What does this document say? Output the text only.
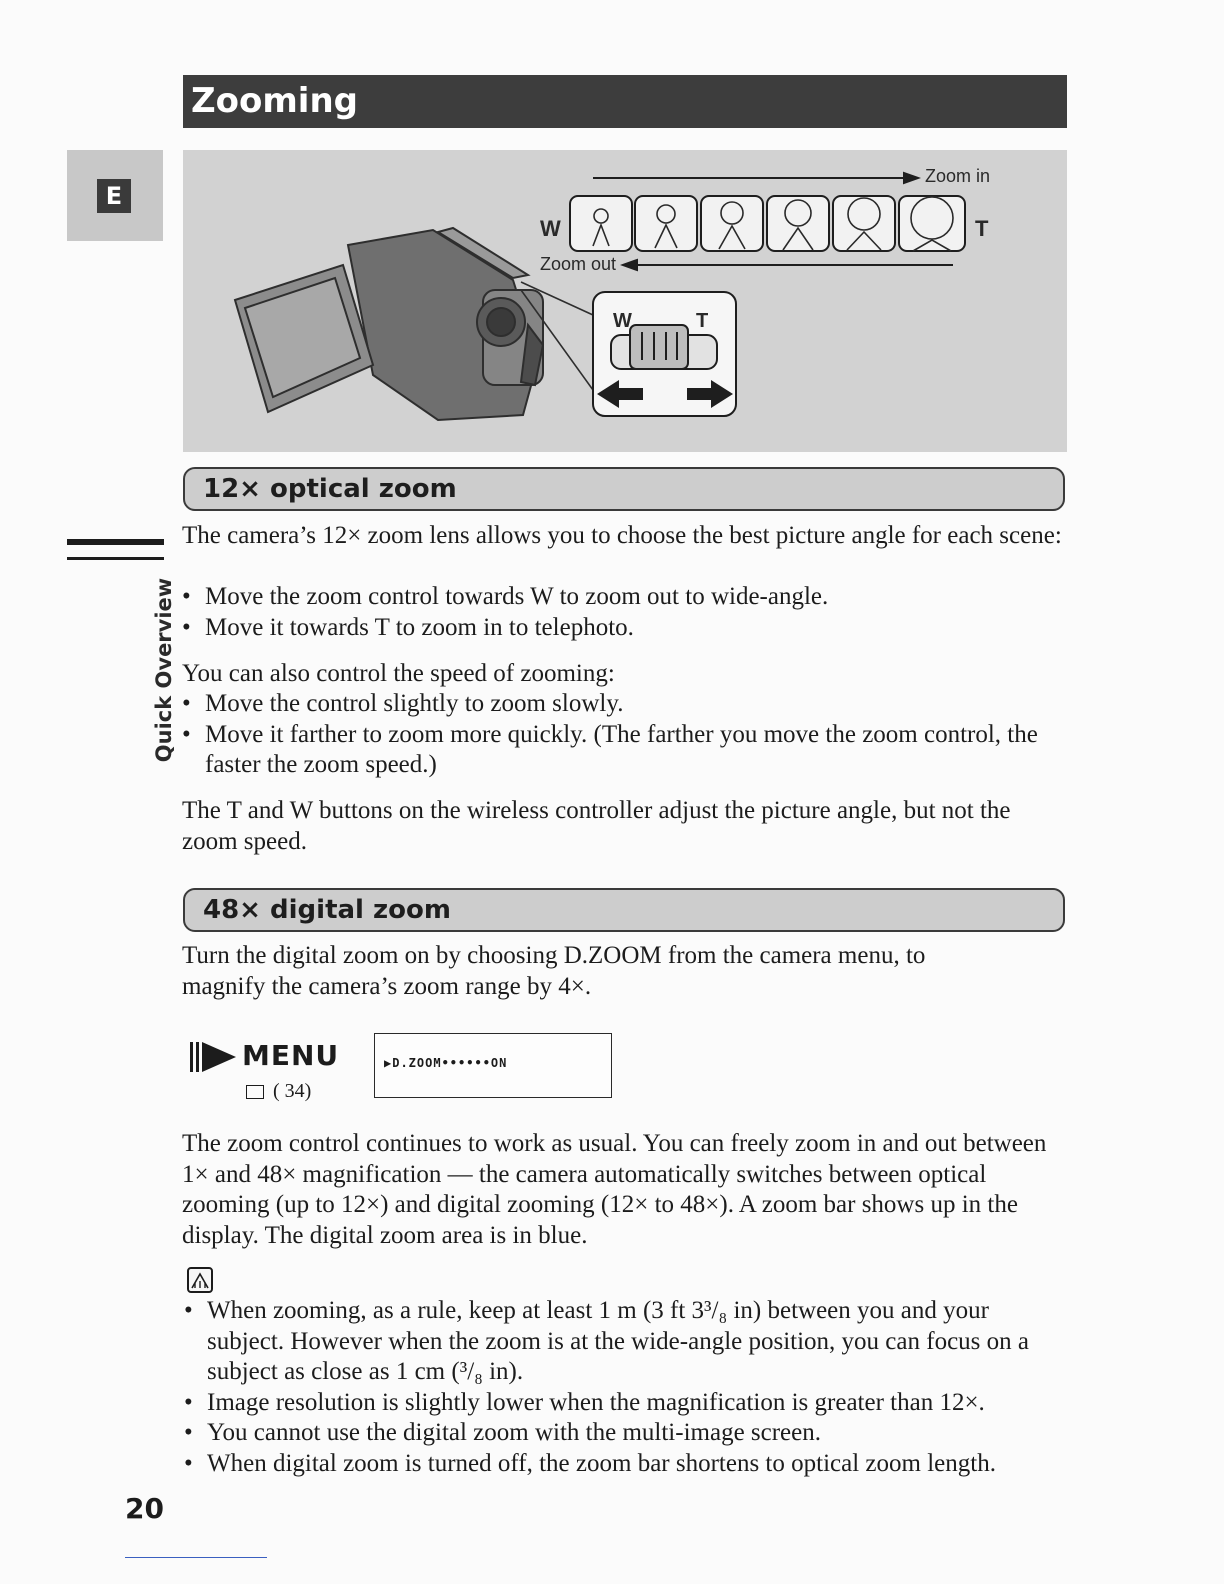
Zooming
E
Quick Overview
Zoom in
Zoom out
W	T
W	T
12× optical zoom

The camera’s 12× zoom lens allows you to choose the best picture angle for each scene:

• Move the zoom control towards W to zoom out to wide-angle.
• Move it towards T to zoom in to telephoto.

You can also control the speed of zooming:

• Move the control slightly to zoom slowly.
• Move it farther to zoom more quickly. (The farther you move the zoom control, the faster the zoom speed.)

The T and W buttons on the wireless controller adjust the picture angle, but not the zoom speed.

48× digital zoom

Turn the digital zoom on by choosing D.ZOOM from the camera menu, to magnify the camera’s zoom range by 4×.

MENU
( 34)
▶D.ZOOM••••••ON

The zoom control continues to work as usual. You can freely zoom in and out between 1× and 48× magnification — the camera automatically switches between optical zooming (up to 12×) and digital zooming (12× to 48×). A zoom bar shows up in the display. The digital zoom area is in blue.

• When zooming, as a rule, keep at least 1 m (3 ft 3³/₈ in) between you and your subject. However when the zoom is at the wide-angle position, you can focus on a subject as close as 1 cm (³/₈ in).
• Image resolution is slightly lower when the magnification is greater than 12×.
• You cannot use the digital zoom with the multi-image screen.
• When digital zoom is turned off, the zoom bar shortens to optical zoom length.
20
